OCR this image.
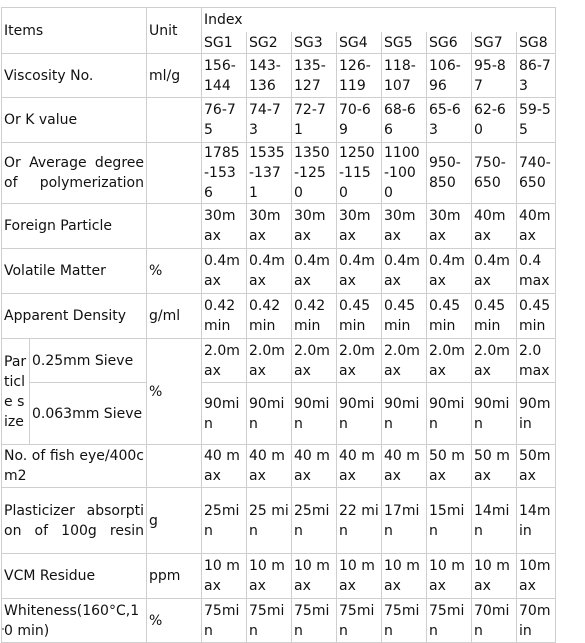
Items		Unit	Index							
			SG1	SG2	SG3	SG4	SG5	SG6	SG7	SG8
Viscosity No.		ml/g	156-144	143-136	135-127	126-119	118-107	106-96	95-87	86-73
Or K value			76-75	74-73	72-71	70-69	68-66	65-63	62-60	59-55
Or Average degree of polymerization			1785-1536	1535-1371	1350-1250	1250-1150	1100-1000	950-850	750-650	740-650
Foreign Particle			30max	30max	30max	30max	30max	30max	40max	40max
Volatile Matter		%	0.4max	0.4max	0.4max	0.4max	0.4max	0.4max	0.4max	0.4max
Apparent Density		g/ml	0.42min	0.42min	0.42min	0.45min	0.45min	0.45 min	0.45 min	0.45 min
Particle size	0.25mm Sieve	%	2.0max	2.0max	2.0max	2.0max	2.0max	2.0max	2.0max	2.0max
	0.063mm Sieve		90min	90min	90min	90min	90min	90min	90min	90min
No. of fish eye/400cm2			40 max	40 max	40 max	40 max	40 max	50 max	50 max	50max
Plasticizer absorption of 100g resin		g	25min	25 min	25min	22 min	17min	15min	14min	14min
VCM Residue		ppm	10 max	10 max	10 max	10 max	10 max	10 max	10 max	10max
Whiteness(160°C,10 min)		%	75min	75min	75min	75min	75min	75min	70min	70min
